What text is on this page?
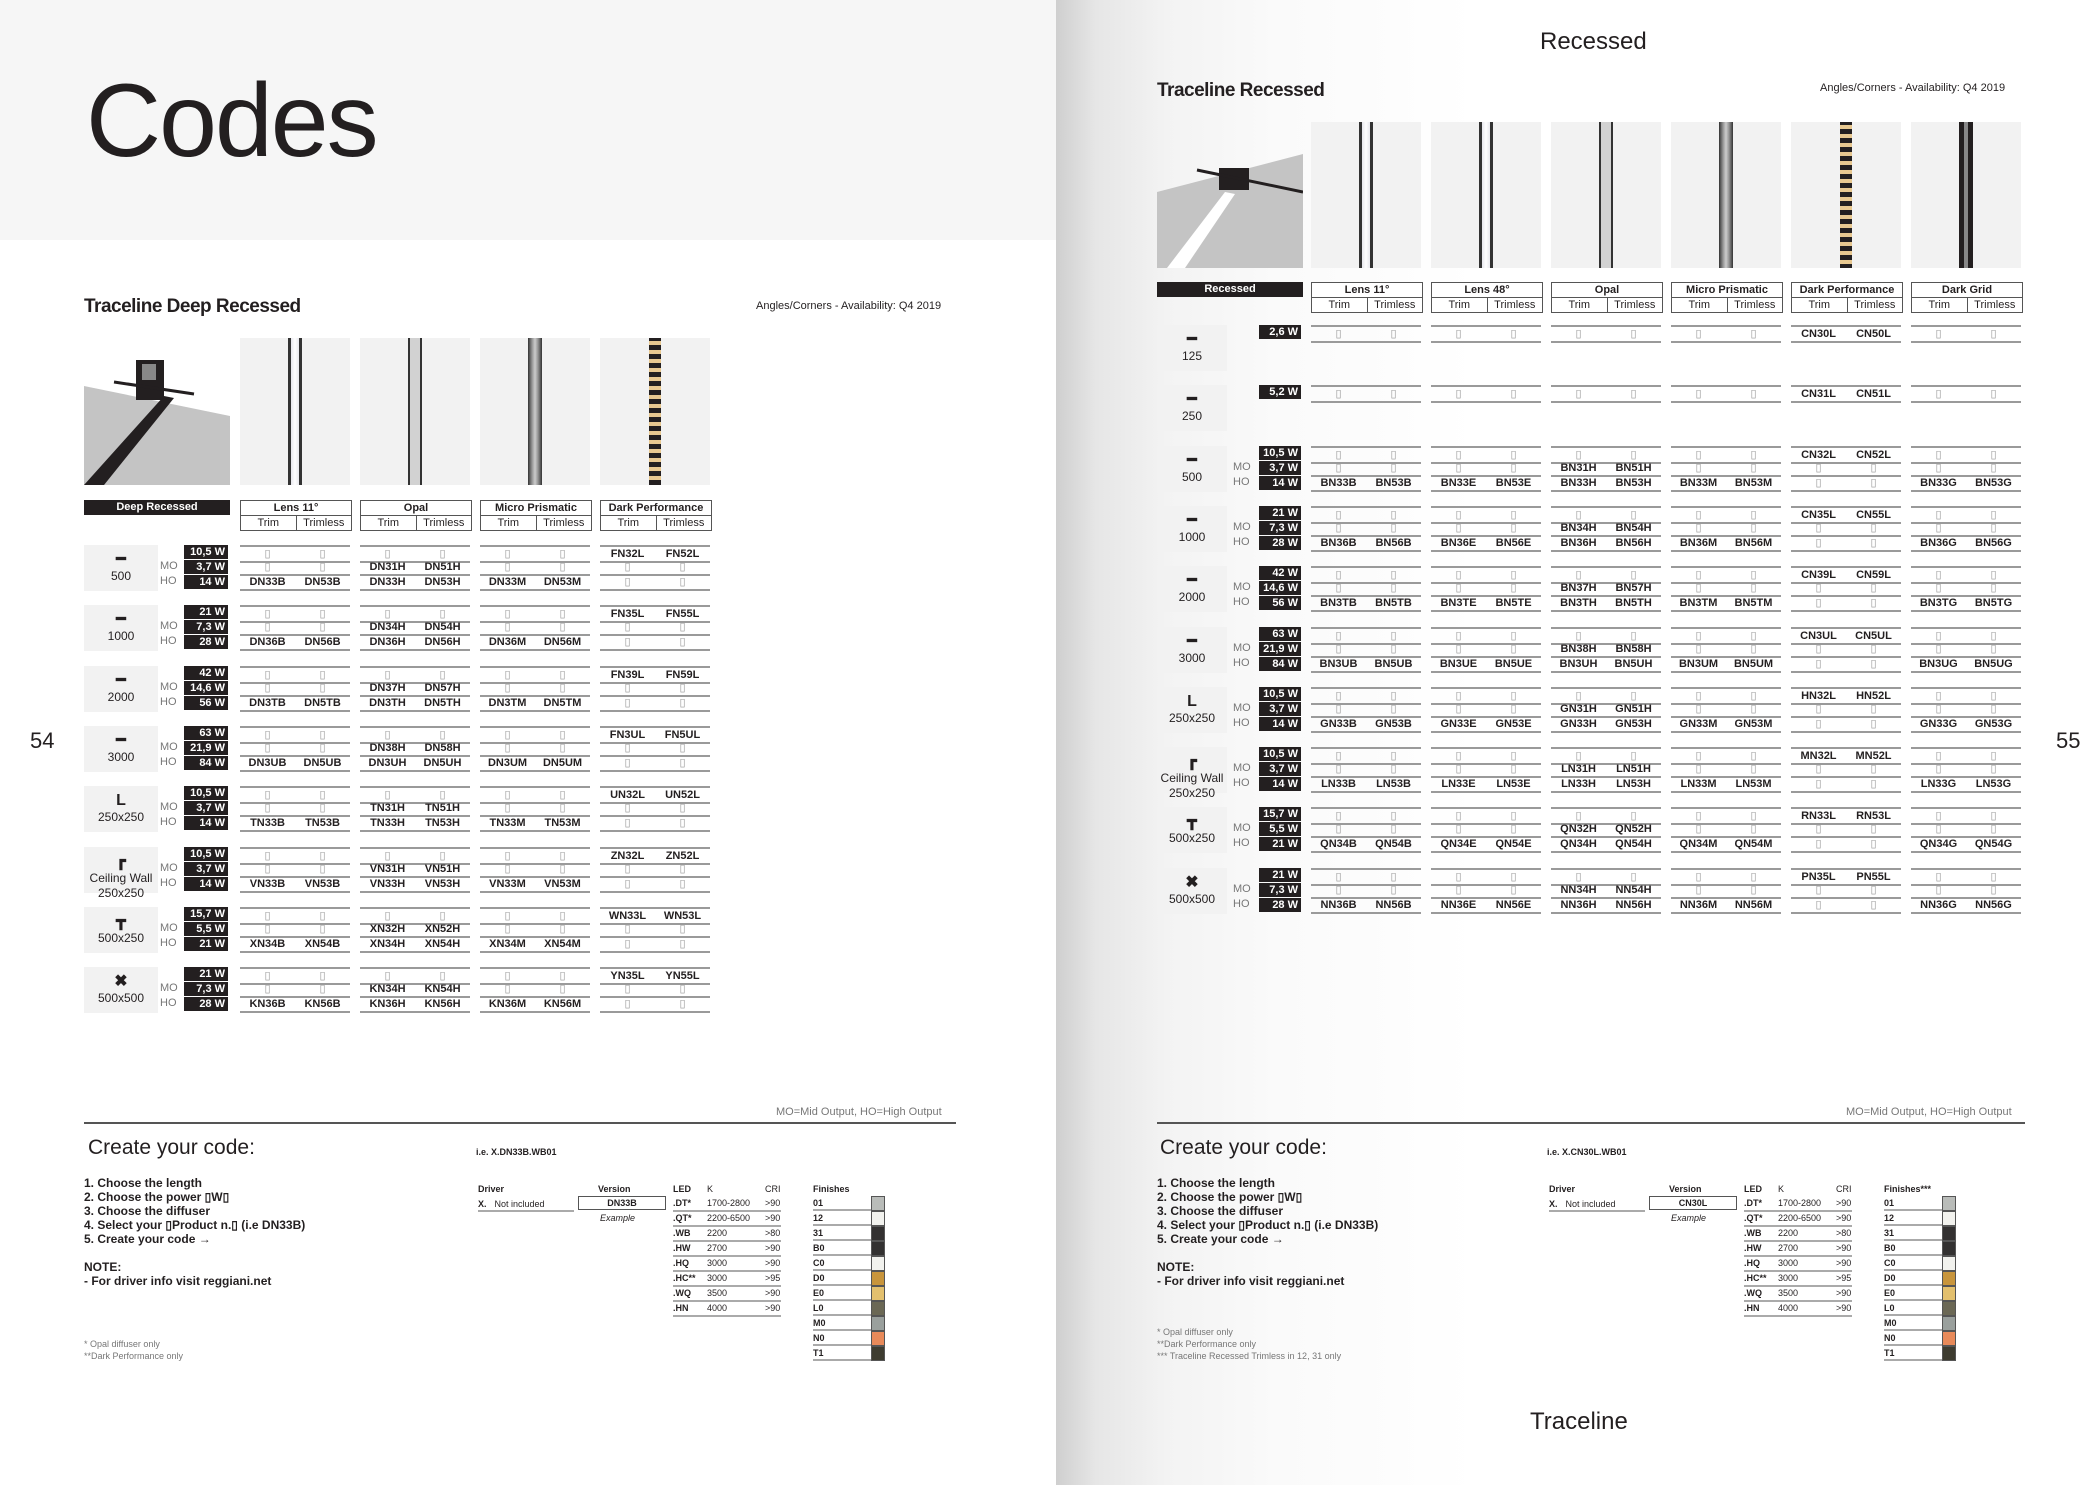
Codes
54
Traceline Deep Recessed	Angles/Corners - Availability: Q4 2019
Deep Recessed	Lens 11°
Trim	Trimless
Opal
Trim	Trimless
Micro Prismatic
Trim	Trimless
Dark Performance
Trim	Trimless
━
500
10,5 W	▯	▯	▯	▯	▯	▯	FN32L	FN52L
MO	3,7 W	▯	▯	DN31H	DN51H	▯	▯	▯	▯
HO	14 W	DN33B	DN53B	DN33H	DN53H	DN33M	DN53M	▯	▯
━
1000
21 W	▯	▯	▯	▯	▯	▯	FN35L	FN55L
MO	7,3 W	▯	▯	DN34H	DN54H	▯	▯	▯	▯
HO	28 W	DN36B	DN56B	DN36H	DN56H	DN36M	DN56M	▯	▯
━
2000
42 W	▯	▯	▯	▯	▯	▯	FN39L	FN59L
MO	14,6 W	▯	▯	DN37H	DN57H	▯	▯	▯	▯
HO	56 W	DN3TB	DN5TB	DN3TH	DN5TH	DN3TM	DN5TM	▯	▯
━
3000
63 W	▯	▯	▯	▯	▯	▯	FN3UL	FN5UL
MO	21,9 W	▯	▯	DN38H	DN58H	▯	▯	▯	▯
HO	84 W	DN3UB	DN5UB	DN3UH	DN5UH	DN3UM	DN5UM	▯	▯
L
250x250
10,5 W	▯	▯	▯	▯	▯	▯	UN32L	UN52L
MO	3,7 W	▯	▯	TN31H	TN51H	▯	▯	▯	▯
HO	14 W	TN33B	TN53B	TN33H	TN53H	TN33M	TN53M	▯	▯
┏
Ceiling Wall
250x250
10,5 W	▯	▯	▯	▯	▯	▯	ZN32L	ZN52L
MO	3,7 W	▯	▯	VN31H	VN51H	▯	▯	▯	▯
HO	14 W	VN33B	VN53B	VN33H	VN53H	VN33M	VN53M	▯	▯
┳
500x250
15,7 W	▯	▯	▯	▯	▯	▯	WN33L	WN53L
MO	5,5 W	▯	▯	XN32H	XN52H	▯	▯	▯	▯
HO	21 W	XN34B	XN54B	XN34H	XN54H	XN34M	XN54M	▯	▯
✖
500x500
21 W	▯	▯	▯	▯	▯	▯	YN35L	YN55L
MO	7,3 W	▯	▯	KN34H	KN54H	▯	▯	▯	▯
HO	28 W	KN36B	KN56B	KN36H	KN56H	KN36M	KN56M	▯	▯
MO=Mid Output, HO=High Output
Create your code:	i.e. X.DN33B.WB01
1. Choose the length
2. Choose the power ▯W▯
3. Choose the diffuser
4. Select your ▯Product n.▯ (i.e DN33B)
5. Create your code →
NOTE:
- For driver info visit reggiani.net
* Opal diffuser only
**Dark Performance only
Driver
X. Not included
Version
DN33B
Example
LED K	CRI
.DT*	1700-2800	>90
.QT*	2200-6500	>90
.WB	2200	>80
.HW	2700	>90
.HQ	3000	>90
.HC**	3000	>95
.WQ	3500	>90
.HN	4000	>90
Finishes
01
12
31
B0
C0
D0
E0
L0
M0
N0
T1
Recessed
Traceline
55
Traceline Recessed	Angles/Corners - Availability: Q4 2019
Recessed	Lens 11°
Trim	Trimless
Lens 48°
Trim	Trimless
Opal
Trim	Trimless
Micro Prismatic
Trim	Trimless
Dark Performance
Trim	Trimless
Dark Grid
Trim	Trimless
━
125
2,6 W	▯	▯	▯	▯	▯	▯	▯	▯	CN30L	CN50L	▯	▯
━
250
5,2 W	▯	▯	▯	▯	▯	▯	▯	▯	CN31L	CN51L	▯	▯
━
500
10,5 W	▯	▯	▯	▯	▯	▯	▯	▯	CN32L	CN52L	▯	▯
MO	3,7 W	▯	▯	▯	▯	BN31H	BN51H	▯	▯	▯	▯	▯	▯
HO	14 W	BN33B	BN53B	BN33E	BN53E	BN33H	BN53H	BN33M	BN53M	▯	▯	BN33G	BN53G
━
1000
21 W	▯	▯	▯	▯	▯	▯	▯	▯	CN35L	CN55L	▯	▯
MO	7,3 W	▯	▯	▯	▯	BN34H	BN54H	▯	▯	▯	▯	▯	▯
HO	28 W	BN36B	BN56B	BN36E	BN56E	BN36H	BN56H	BN36M	BN56M	▯	▯	BN36G	BN56G
━
2000
42 W	▯	▯	▯	▯	▯	▯	▯	▯	CN39L	CN59L	▯	▯
MO	14,6 W	▯	▯	▯	▯	BN37H	BN57H	▯	▯	▯	▯	▯	▯
HO	56 W	BN3TB	BN5TB	BN3TE	BN5TE	BN3TH	BN5TH	BN3TM	BN5TM	▯	▯	BN3TG	BN5TG
━
3000
63 W	▯	▯	▯	▯	▯	▯	▯	▯	CN3UL	CN5UL	▯	▯
MO	21,9 W	▯	▯	▯	▯	BN38H	BN58H	▯	▯	▯	▯	▯	▯
HO	84 W	BN3UB	BN5UB	BN3UE	BN5UE	BN3UH	BN5UH	BN3UM	BN5UM	▯	▯	BN3UG	BN5UG
L
250x250
10,5 W	▯	▯	▯	▯	▯	▯	▯	▯	HN32L	HN52L	▯	▯
MO	3,7 W	▯	▯	▯	▯	GN31H	GN51H	▯	▯	▯	▯	▯	▯
HO	14 W	GN33B	GN53B	GN33E	GN53E	GN33H	GN53H	GN33M	GN53M	▯	▯	GN33G	GN53G
┏
Ceiling Wall
250x250
10,5 W	▯	▯	▯	▯	▯	▯	▯	▯	MN32L	MN52L	▯	▯
MO	3,7 W	▯	▯	▯	▯	LN31H	LN51H	▯	▯	▯	▯	▯	▯
HO	14 W	LN33B	LN53B	LN33E	LN53E	LN33H	LN53H	LN33M	LN53M	▯	▯	LN33G	LN53G
┳
500x250
15,7 W	▯	▯	▯	▯	▯	▯	▯	▯	RN33L	RN53L	▯	▯
MO	5,5 W	▯	▯	▯	▯	QN32H	QN52H	▯	▯	▯	▯	▯	▯
HO	21 W	QN34B	QN54B	QN34E	QN54E	QN34H	QN54H	QN34M	QN54M	▯	▯	QN34G	QN54G
✖
500x500
21 W	▯	▯	▯	▯	▯	▯	▯	▯	PN35L	PN55L	▯	▯
MO	7,3 W	▯	▯	▯	▯	NN34H	NN54H	▯	▯	▯	▯	▯	▯
HO	28 W	NN36B	NN56B	NN36E	NN56E	NN36H	NN56H	NN36M	NN56M	▯	▯	NN36G	NN56G
MO=Mid Output, HO=High Output
Create your code:	i.e. X.CN30L.WB01
1. Choose the length
2. Choose the power ▯W▯
3. Choose the diffuser
4. Select your ▯Product n.▯ (i.e DN33B)
5. Create your code →
NOTE:
- For driver info visit reggiani.net
* Opal diffuser only
**Dark Performance only
*** Traceline Recessed Trimless in 12, 31 only
Driver
X. Not included
Version
CN30L
Example
LED K	CRI
.DT*	1700-2800	>90
.QT*	2200-6500	>90
.WB	2200	>80
.HW	2700	>90
.HQ	3000	>90
.HC**	3000	>95
.WQ	3500	>90
.HN	4000	>90
Finishes***
01
12
31
B0
C0
D0
E0
L0
M0
N0
T1
